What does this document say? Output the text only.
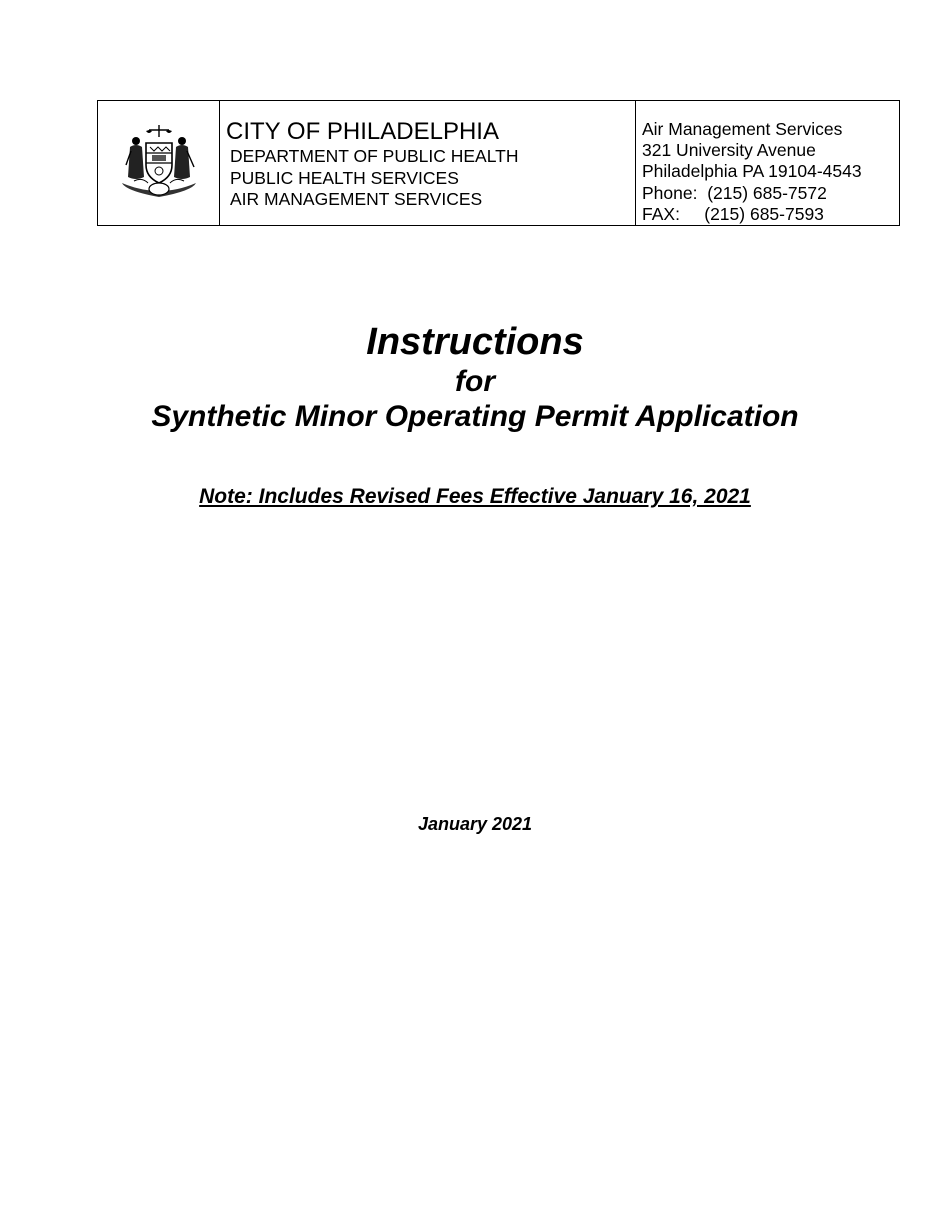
CITY OF PHILADELPHIA

DEPARTMENT OF PUBLIC HEALTH

PUBLIC HEALTH SERVICES

AIR MANAGEMENT SERVICES

Air Management Services

321 University Avenue

Philadelphia PA 19104-4543

Phone:  (215) 685-7572

FAX:     (215) 685-7593

Instructions
for
Synthetic Minor Operating Permit Application
Note: Includes Revised Fees Effective January 16, 2021
January 2021
